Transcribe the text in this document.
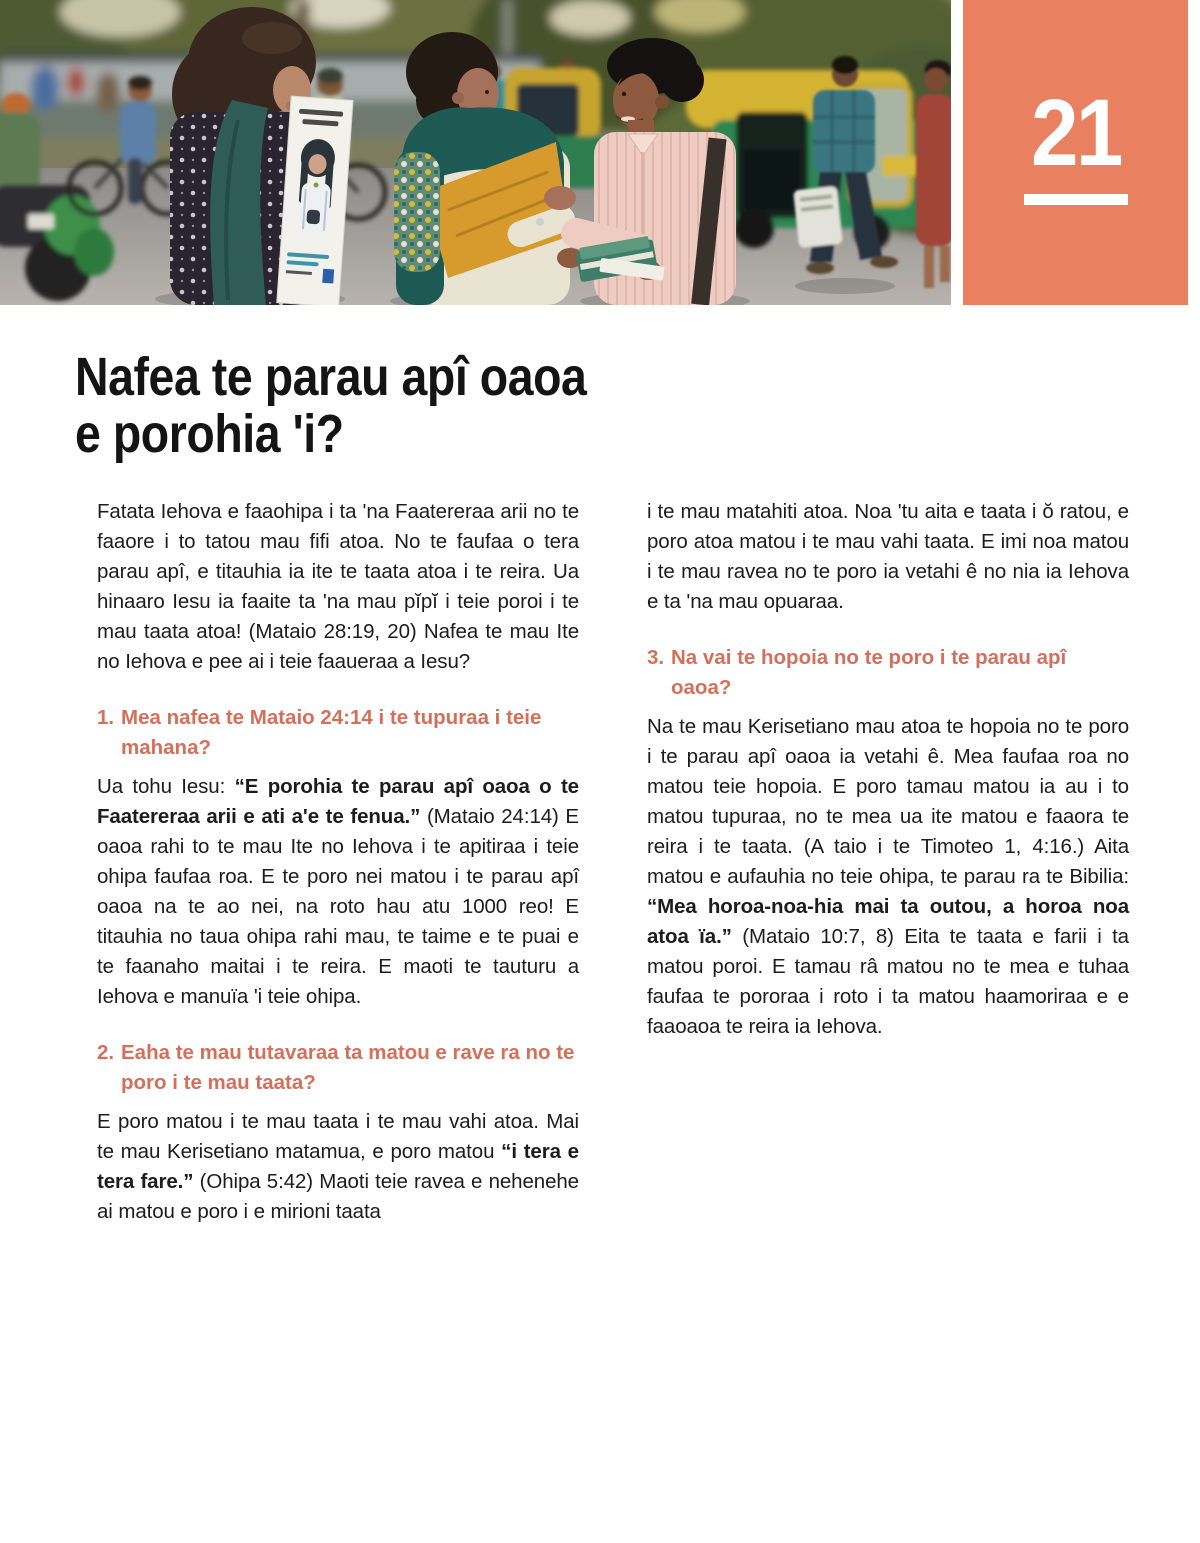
21
Nafea te parau apî oaoa
e porohia 'i?

Fatata Iehova e faaohipa i ta 'na Faatereraa arii no te faaore i to tatou mau fifi atoa. No te faufaa o tera parau apî, e titauhia ia ite te taata atoa i te reira. Ua hinaaro Iesu ia faaite ta 'na mau pĭpĭ i teie poroi i te mau taata atoa! (Mataio 28:19, 20) Nafea te mau Ite no Iehova e pee ai i teie faaueraa a Iesu?

1. Mea nafea te Mataio 24:14 i te tupuraa i teie mahana?

Ua tohu Iesu: “E porohia te parau apî oaoa o te Faatereraa arii e ati a'e te fenua.” (Mataio 24:14) E oaoa rahi to te mau Ite no Iehova i te apitiraa i teie ohipa faufaa roa. E te poro nei matou i te parau apî oaoa na te ao nei, na roto hau atu 1000 reo! E titauhia no taua ohipa rahi mau, te taime e te puai e te faanaho maitai i te reira. E maoti te tauturu a Iehova e manuïa 'i teie ohipa.

2. Eaha te mau tutavaraa ta matou e rave ra no te poro i te mau taata?

E poro matou i te mau taata i te mau vahi atoa. Mai te mau Kerisetiano matamua, e poro matou “i tera e tera fare.” (Ohipa 5:42) Maoti teie ravea e nehenehe ai matou e poro i e mirioni taata

i te mau matahiti atoa. Noa 'tu aita e taata i ŏ ratou, e poro atoa matou i te mau vahi taata. E imi noa matou i te mau ravea no te poro ia vetahi ê no nia ia Iehova e ta 'na mau opuaraa.

3. Na vai te hopoia no te poro i te parau apî oaoa?

Na te mau Kerisetiano mau atoa te hopoia no te poro i te parau apî oaoa ia vetahi ê. Mea faufaa roa no matou teie hopoia. E poro tamau matou ia au i to matou tupuraa, no te mea ua ite matou e faaora te reira i te taata. (A taio i te Timoteo 1, 4:16.) Aita matou e aufauhia no teie ohipa, te parau ra te Bibilia: “Mea horoa-noa-hia mai ta outou, a horoa noa atoa ïa.” (Mataio 10:7, 8) Eita te taata e farii i ta matou poroi. E tamau râ matou no te mea e tuhaa faufaa te pororaa i roto i ta matou haamoriraa e e faaoaoa te reira ia Iehova.
